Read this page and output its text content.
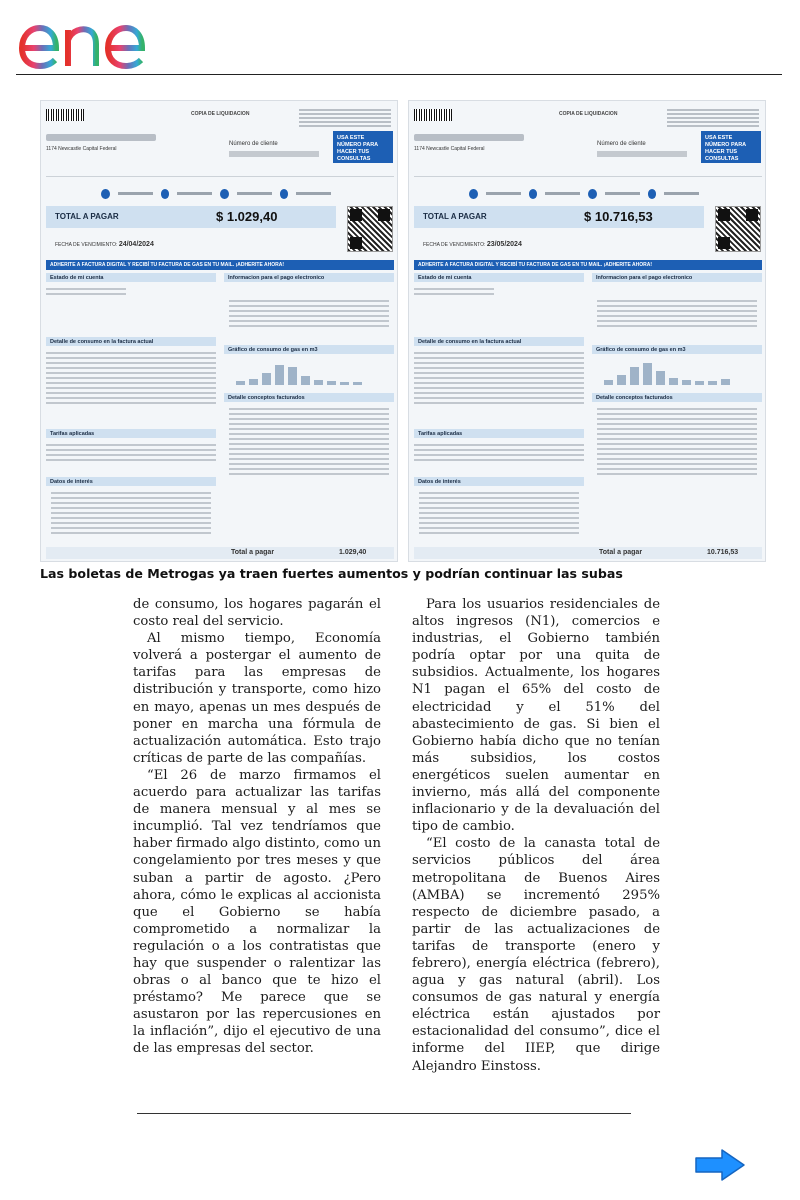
COPIA DE LIQUIDACION
1174 Newcastle Capital Federal
Número de cliente
USA ESTE NÚMERO PARA HACER TUS CONSULTAS
TOTAL A PAGAR	$ 1.029,40
FECHA DE VENCIMIENTO: 24/04/2024
ADHERITE A FACTURA DIGITAL Y RECIBÍ TU FACTURA DE GAS EN TU MAIL. ¡ADHERITE AHORA!
Estado de mi cuenta	Informacion para el pago electronico
Detalle de consumo en la factura actual
Gráfico de consumo de gas en m3
Detalle conceptos facturados
Tarifas aplicadas
Datos de interés
Total a pagar	1.029,40
COPIA DE LIQUIDACION
1174 Newcastle Capital Federal
Número de cliente
USA ESTE NÚMERO PARA HACER TUS CONSULTAS
TOTAL A PAGAR	$ 10.716,53
FECHA DE VENCIMIENTO: 23/05/2024
ADHERITE A FACTURA DIGITAL Y RECIBÍ TU FACTURA DE GAS EN TU MAIL. ¡ADHERITE AHORA!
Estado de mi cuenta	Informacion para el pago electronico
Detalle de consumo en la factura actual
Gráfico de consumo de gas en m3
Detalle conceptos facturados
Tarifas aplicadas
Datos de interés
Total a pagar	10.716,53
Las boletas de Metrogas ya traen fuertes aumentos y podrían continuar las subas

de consumo, los hogares pagarán el costo real del servicio.

Al mismo tiempo, Economía volverá a postergar el aumento de tarifas para las empresas de distribución y transporte, como hizo en mayo, apenas un mes después de poner en marcha una fórmula de actualización automática. Esto trajo críticas de parte de las compañías.

“El 26 de marzo firmamos el acuerdo para actualizar las tarifas de manera mensual y al mes se incumplió. Tal vez tendríamos que haber firmado algo distinto, como un congelamiento por tres meses y que suban a partir de agosto. ¿Pero ahora, cómo le explicas al accionista que el Gobierno se había comprometido a normalizar la regulación o a los contratistas que hay que suspender o ralentizar las obras o al banco que te hizo el préstamo? Me parece que se asustaron por las repercusiones en la inflación”, dijo el ejecutivo de una de las empresas del sector.

Para los usuarios residenciales de altos ingresos (N1), comercios e industrias, el Gobierno también podría optar por una quita de subsidios. Actualmente, los hogares N1 pagan el 65% del costo de electricidad y el 51% del abastecimiento de gas. Si bien el Gobierno había dicho que no tenían más subsidios, los costos energéticos suelen aumentar en invierno, más allá del componente inflacionario y de la devaluación del tipo de cambio.

“El costo de la canasta total de servicios públicos del área metropolitana de Buenos Aires (AMBA) se incrementó 295% respecto de diciembre pasado, a partir de las actualizaciones de tarifas de transporte (enero y febrero), energía eléctrica (febrero), agua y gas natural (abril). Los consumos de gas natural y energía eléctrica están ajustados por estacionalidad del consumo”, dice el informe del IIEP, que dirige Alejandro Einstoss.
